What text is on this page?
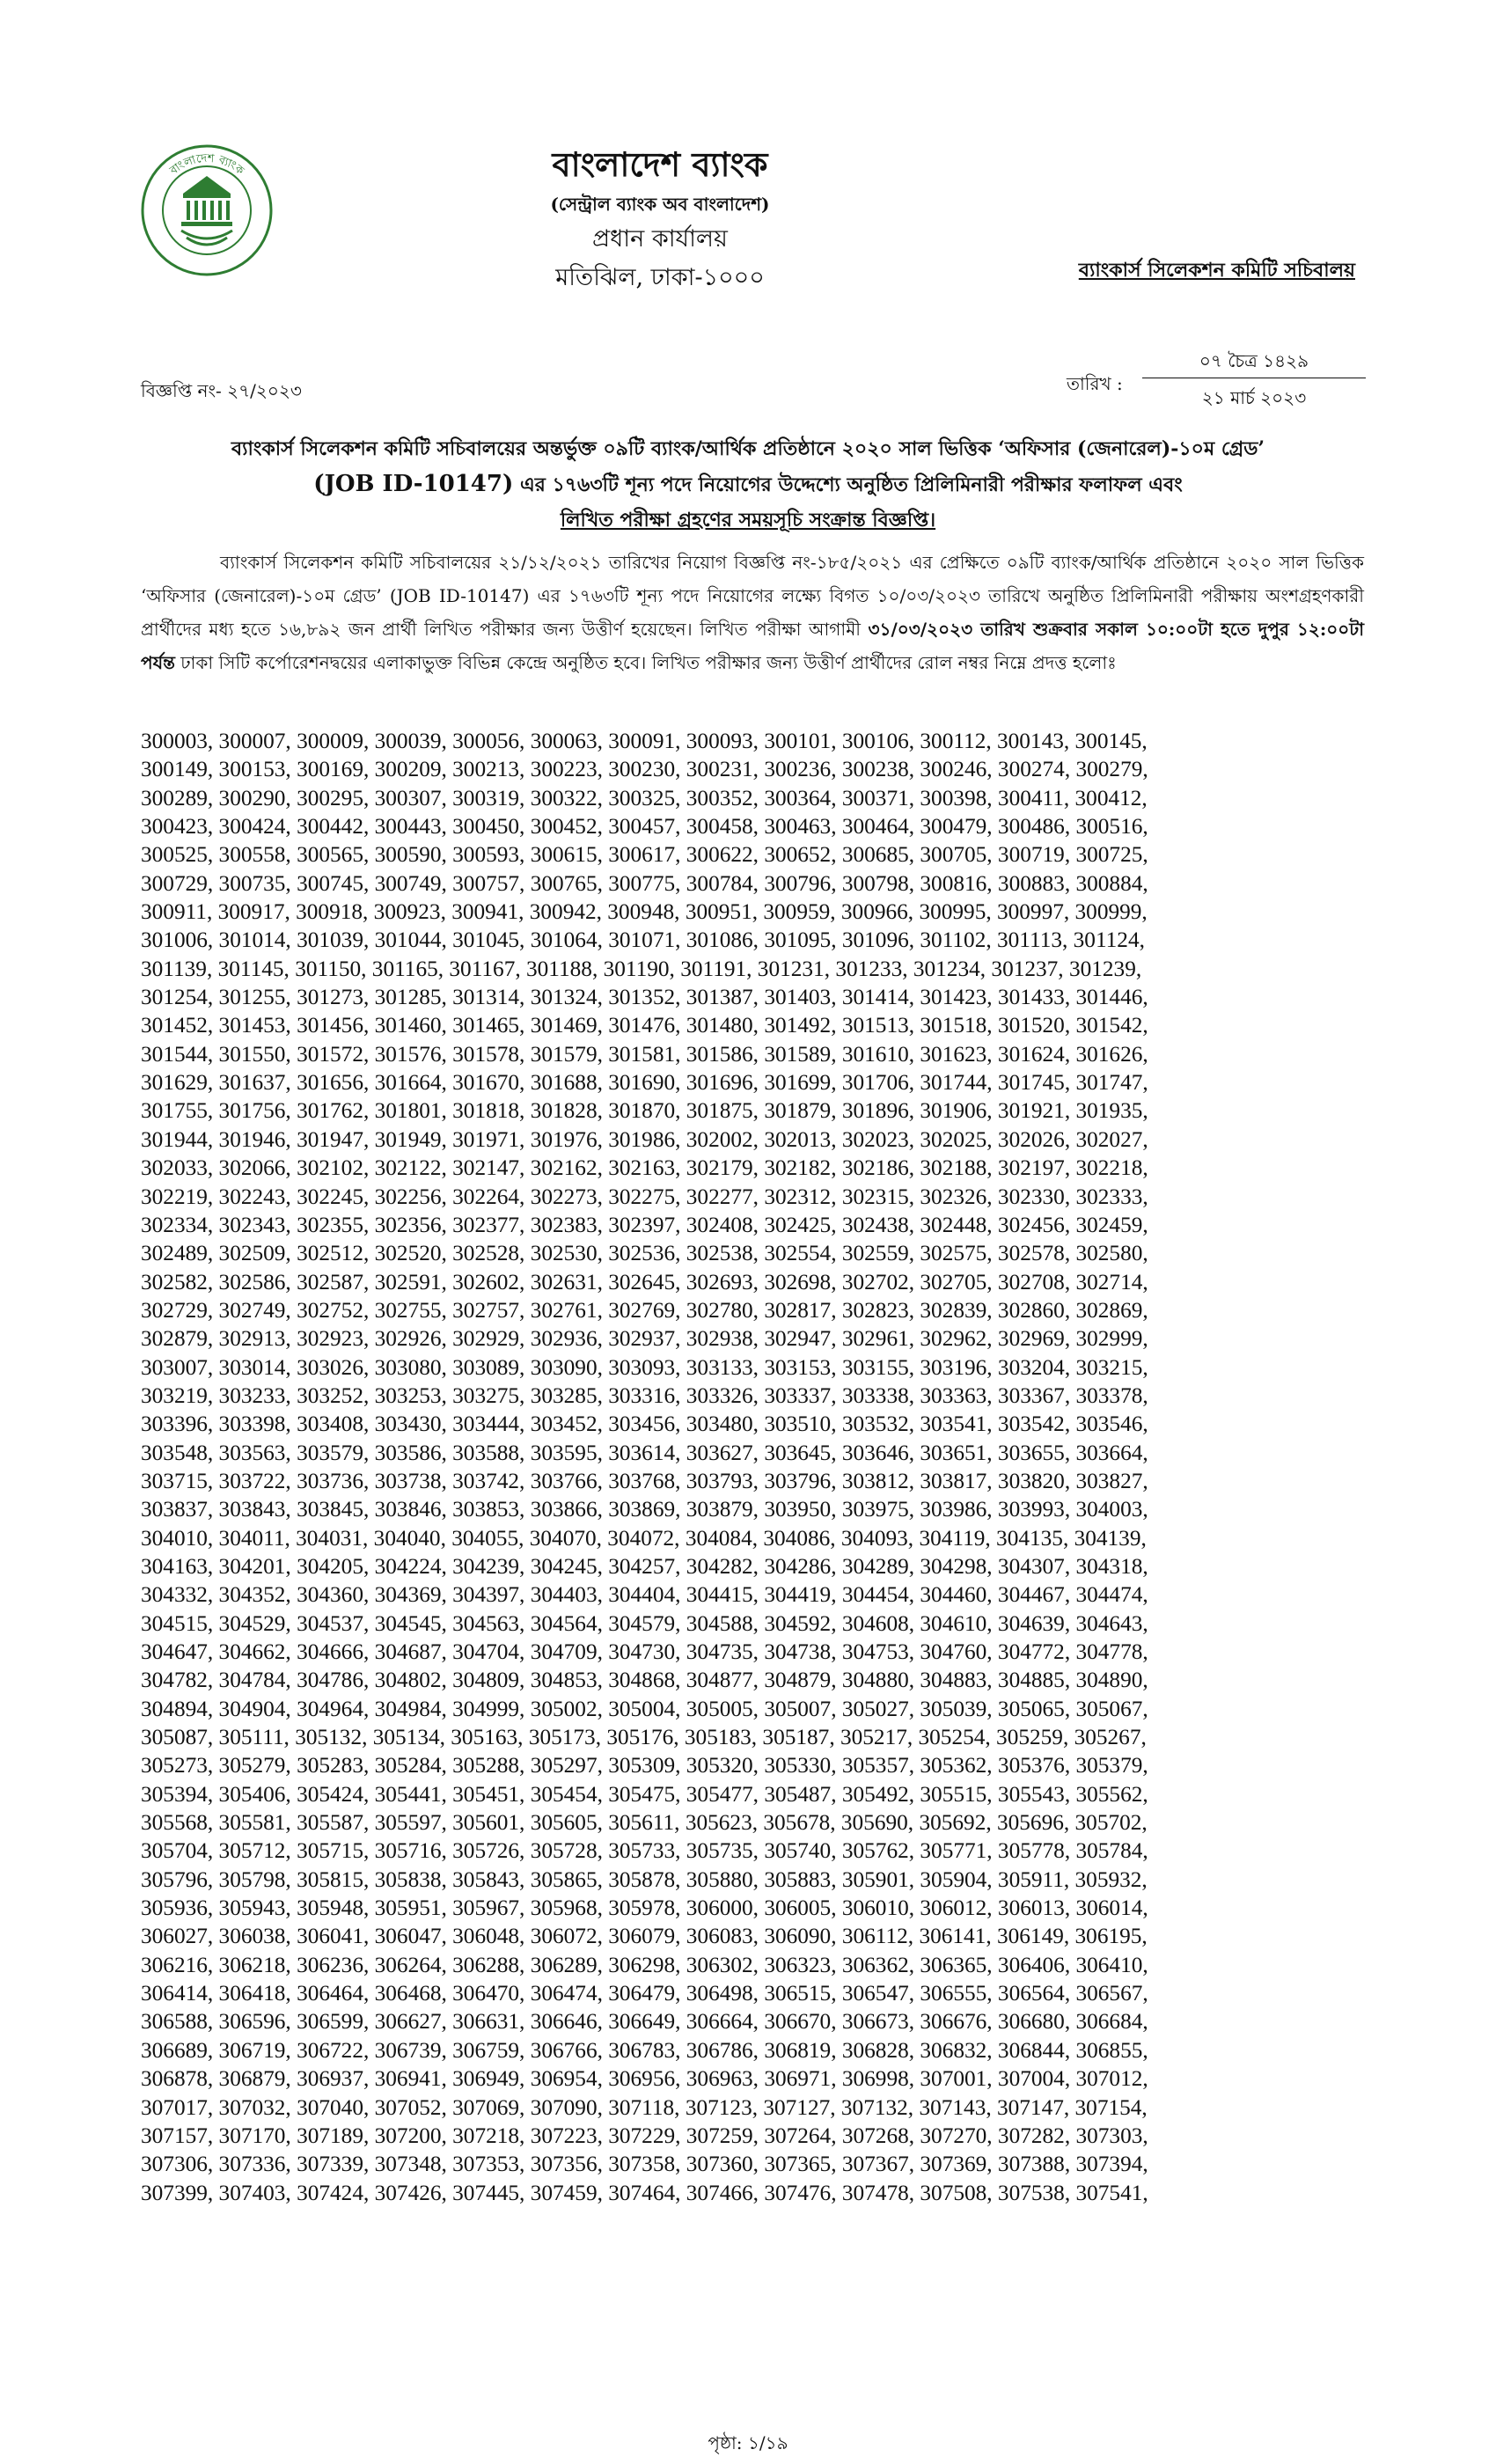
বাংলাদেশ ব্যাংক	বাংলাদেশ ব্যাংক
(সেন্ট্রাল ব্যাংক অব বাংলাদেশ)
প্রধান কার্যালয়
মতিঝিল, ঢাকা-১০০০	ব্যাংকার্স সিলেকশন কমিটি সচিবালয়
তারিখ :
০৭ চৈত্র ১৪২৯
২১ মার্চ ২০২৩
বিজ্ঞপ্তি নং- ২৭/২০২৩
ব্যাংকার্স সিলেকশন কমিটি সচিবালয়ের অন্তর্ভুক্ত ০৯টি ব্যাংক/আর্থিক প্রতিষ্ঠানে ২০২০ সাল ভিত্তিক ‘অফিসার (জেনারেল)-১০ম গ্রেড’
(JOB ID-10147) এর ১৭৬৩টি শূন্য পদে নিয়োগের উদ্দেশ্যে অনুষ্ঠিত প্রিলিমিনারী পরীক্ষার ফলাফল এবং
লিখিত পরীক্ষা গ্রহণের সময়সূচি সংক্রান্ত বিজ্ঞপ্তি।
ব্যাংকার্স সিলেকশন কমিটি সচিবালয়ের ২১/১২/২০২১ তারিখের নিয়োগ বিজ্ঞপ্তি নং-১৮৫/২০২১ এর প্রেক্ষিতে ০৯টি ব্যাংক/আর্থিক প্রতিষ্ঠানে ২০২০ সাল ভিত্তিক ‘অফিসার (জেনারেল)-১০ম গ্রেড’ (JOB ID-10147) এর ১৭৬৩টি শূন্য পদে নিয়োগের লক্ষ্যে বিগত ১০/০৩/২০২৩ তারিখে অনুষ্ঠিত প্রিলিমিনারী পরীক্ষায় অংশগ্রহণকারী প্রার্থীদের মধ্য হতে ১৬,৮৯২ জন প্রার্থী লিখিত পরীক্ষার জন্য উত্তীর্ণ হয়েছেন। লিখিত পরীক্ষা আগামী ৩১/০৩/২০২৩ তারিখ শুক্রবার সকাল ১০:০০টা হতে দুপুর ১২:০০টা পর্যন্ত ঢাকা সিটি কর্পোরেশনদ্বয়ের এলাকাভুক্ত বিভিন্ন কেন্দ্রে অনুষ্ঠিত হবে। লিখিত পরীক্ষার জন্য উত্তীর্ণ প্রার্থীদের রোল নম্বর নিম্নে প্রদত্ত হলোঃ
300003, 300007, 300009, 300039, 300056, 300063, 300091, 300093, 300101, 300106, 300112, 300143, 300145,
300149, 300153, 300169, 300209, 300213, 300223, 300230, 300231, 300236, 300238, 300246, 300274, 300279,
300289, 300290, 300295, 300307, 300319, 300322, 300325, 300352, 300364, 300371, 300398, 300411, 300412,
300423, 300424, 300442, 300443, 300450, 300452, 300457, 300458, 300463, 300464, 300479, 300486, 300516,
300525, 300558, 300565, 300590, 300593, 300615, 300617, 300622, 300652, 300685, 300705, 300719, 300725,
300729, 300735, 300745, 300749, 300757, 300765, 300775, 300784, 300796, 300798, 300816, 300883, 300884,
300911, 300917, 300918, 300923, 300941, 300942, 300948, 300951, 300959, 300966, 300995, 300997, 300999,
301006, 301014, 301039, 301044, 301045, 301064, 301071, 301086, 301095, 301096, 301102, 301113, 301124,
301139, 301145, 301150, 301165, 301167, 301188, 301190, 301191, 301231, 301233, 301234, 301237, 301239,
301254, 301255, 301273, 301285, 301314, 301324, 301352, 301387, 301403, 301414, 301423, 301433, 301446,
301452, 301453, 301456, 301460, 301465, 301469, 301476, 301480, 301492, 301513, 301518, 301520, 301542,
301544, 301550, 301572, 301576, 301578, 301579, 301581, 301586, 301589, 301610, 301623, 301624, 301626,
301629, 301637, 301656, 301664, 301670, 301688, 301690, 301696, 301699, 301706, 301744, 301745, 301747,
301755, 301756, 301762, 301801, 301818, 301828, 301870, 301875, 301879, 301896, 301906, 301921, 301935,
301944, 301946, 301947, 301949, 301971, 301976, 301986, 302002, 302013, 302023, 302025, 302026, 302027,
302033, 302066, 302102, 302122, 302147, 302162, 302163, 302179, 302182, 302186, 302188, 302197, 302218,
302219, 302243, 302245, 302256, 302264, 302273, 302275, 302277, 302312, 302315, 302326, 302330, 302333,
302334, 302343, 302355, 302356, 302377, 302383, 302397, 302408, 302425, 302438, 302448, 302456, 302459,
302489, 302509, 302512, 302520, 302528, 302530, 302536, 302538, 302554, 302559, 302575, 302578, 302580,
302582, 302586, 302587, 302591, 302602, 302631, 302645, 302693, 302698, 302702, 302705, 302708, 302714,
302729, 302749, 302752, 302755, 302757, 302761, 302769, 302780, 302817, 302823, 302839, 302860, 302869,
302879, 302913, 302923, 302926, 302929, 302936, 302937, 302938, 302947, 302961, 302962, 302969, 302999,
303007, 303014, 303026, 303080, 303089, 303090, 303093, 303133, 303153, 303155, 303196, 303204, 303215,
303219, 303233, 303252, 303253, 303275, 303285, 303316, 303326, 303337, 303338, 303363, 303367, 303378,
303396, 303398, 303408, 303430, 303444, 303452, 303456, 303480, 303510, 303532, 303541, 303542, 303546,
303548, 303563, 303579, 303586, 303588, 303595, 303614, 303627, 303645, 303646, 303651, 303655, 303664,
303715, 303722, 303736, 303738, 303742, 303766, 303768, 303793, 303796, 303812, 303817, 303820, 303827,
303837, 303843, 303845, 303846, 303853, 303866, 303869, 303879, 303950, 303975, 303986, 303993, 304003,
304010, 304011, 304031, 304040, 304055, 304070, 304072, 304084, 304086, 304093, 304119, 304135, 304139,
304163, 304201, 304205, 304224, 304239, 304245, 304257, 304282, 304286, 304289, 304298, 304307, 304318,
304332, 304352, 304360, 304369, 304397, 304403, 304404, 304415, 304419, 304454, 304460, 304467, 304474,
304515, 304529, 304537, 304545, 304563, 304564, 304579, 304588, 304592, 304608, 304610, 304639, 304643,
304647, 304662, 304666, 304687, 304704, 304709, 304730, 304735, 304738, 304753, 304760, 304772, 304778,
304782, 304784, 304786, 304802, 304809, 304853, 304868, 304877, 304879, 304880, 304883, 304885, 304890,
304894, 304904, 304964, 304984, 304999, 305002, 305004, 305005, 305007, 305027, 305039, 305065, 305067,
305087, 305111, 305132, 305134, 305163, 305173, 305176, 305183, 305187, 305217, 305254, 305259, 305267,
305273, 305279, 305283, 305284, 305288, 305297, 305309, 305320, 305330, 305357, 305362, 305376, 305379,
305394, 305406, 305424, 305441, 305451, 305454, 305475, 305477, 305487, 305492, 305515, 305543, 305562,
305568, 305581, 305587, 305597, 305601, 305605, 305611, 305623, 305678, 305690, 305692, 305696, 305702,
305704, 305712, 305715, 305716, 305726, 305728, 305733, 305735, 305740, 305762, 305771, 305778, 305784,
305796, 305798, 305815, 305838, 305843, 305865, 305878, 305880, 305883, 305901, 305904, 305911, 305932,
305936, 305943, 305948, 305951, 305967, 305968, 305978, 306000, 306005, 306010, 306012, 306013, 306014,
306027, 306038, 306041, 306047, 306048, 306072, 306079, 306083, 306090, 306112, 306141, 306149, 306195,
306216, 306218, 306236, 306264, 306288, 306289, 306298, 306302, 306323, 306362, 306365, 306406, 306410,
306414, 306418, 306464, 306468, 306470, 306474, 306479, 306498, 306515, 306547, 306555, 306564, 306567,
306588, 306596, 306599, 306627, 306631, 306646, 306649, 306664, 306670, 306673, 306676, 306680, 306684,
306689, 306719, 306722, 306739, 306759, 306766, 306783, 306786, 306819, 306828, 306832, 306844, 306855,
306878, 306879, 306937, 306941, 306949, 306954, 306956, 306963, 306971, 306998, 307001, 307004, 307012,
307017, 307032, 307040, 307052, 307069, 307090, 307118, 307123, 307127, 307132, 307143, 307147, 307154,
307157, 307170, 307189, 307200, 307218, 307223, 307229, 307259, 307264, 307268, 307270, 307282, 307303,
307306, 307336, 307339, 307348, 307353, 307356, 307358, 307360, 307365, 307367, 307369, 307388, 307394,
307399, 307403, 307424, 307426, 307445, 307459, 307464, 307466, 307476, 307478, 307508, 307538, 307541,
পৃষ্ঠা: ১/১৯
